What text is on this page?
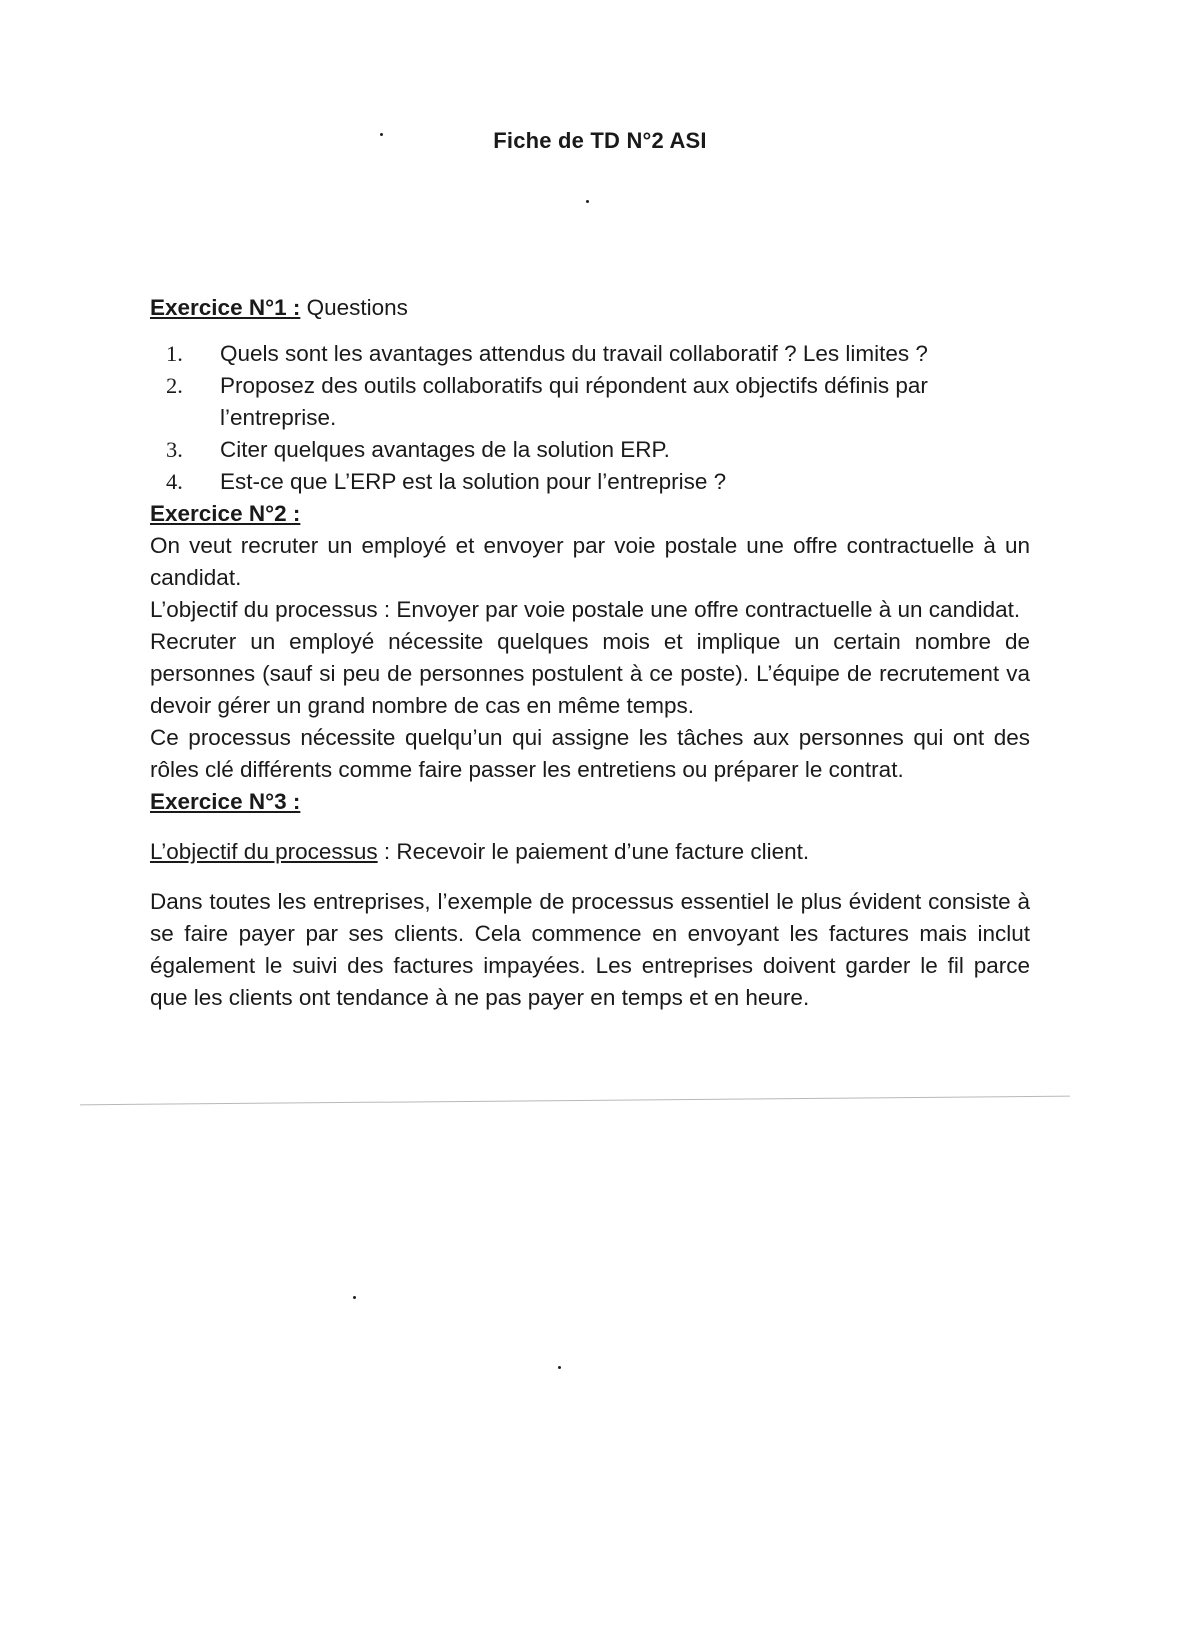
Fiche de TD N°2 ASI
Exercice N°1 : Questions
1. Quels sont les avantages attendus du travail collaboratif ? Les limites ?
2. Proposez des outils collaboratifs qui répondent aux objectifs définis par l’entreprise.
3. Citer quelques avantages de la solution ERP.
4. Est-ce que L’ERP est la solution pour l’entreprise ?
Exercice N°2 :

On veut recruter un employé et envoyer par voie postale une offre contractuelle à un candidat.

L’objectif du processus : Envoyer par voie postale une offre contractuelle à un candidat.

Recruter un employé nécessite quelques mois et implique un certain nombre de personnes (sauf si peu de personnes postulent à ce poste). L’équipe de recrutement va devoir gérer un grand nombre de cas en même temps.

Ce processus nécessite quelqu’un qui assigne les tâches aux personnes qui ont des rôles clé différents comme faire passer les entretiens ou préparer le contrat.

Exercice N°3 :

L’objectif du processus : Recevoir le paiement d’une facture client.

Dans toutes les entreprises, l’exemple de processus essentiel le plus évident consiste à se faire payer par ses clients. Cela commence en envoyant les factures mais inclut également le suivi des factures impayées. Les entreprises doivent garder le fil parce que les clients ont tendance à ne pas payer en temps et en heure.
